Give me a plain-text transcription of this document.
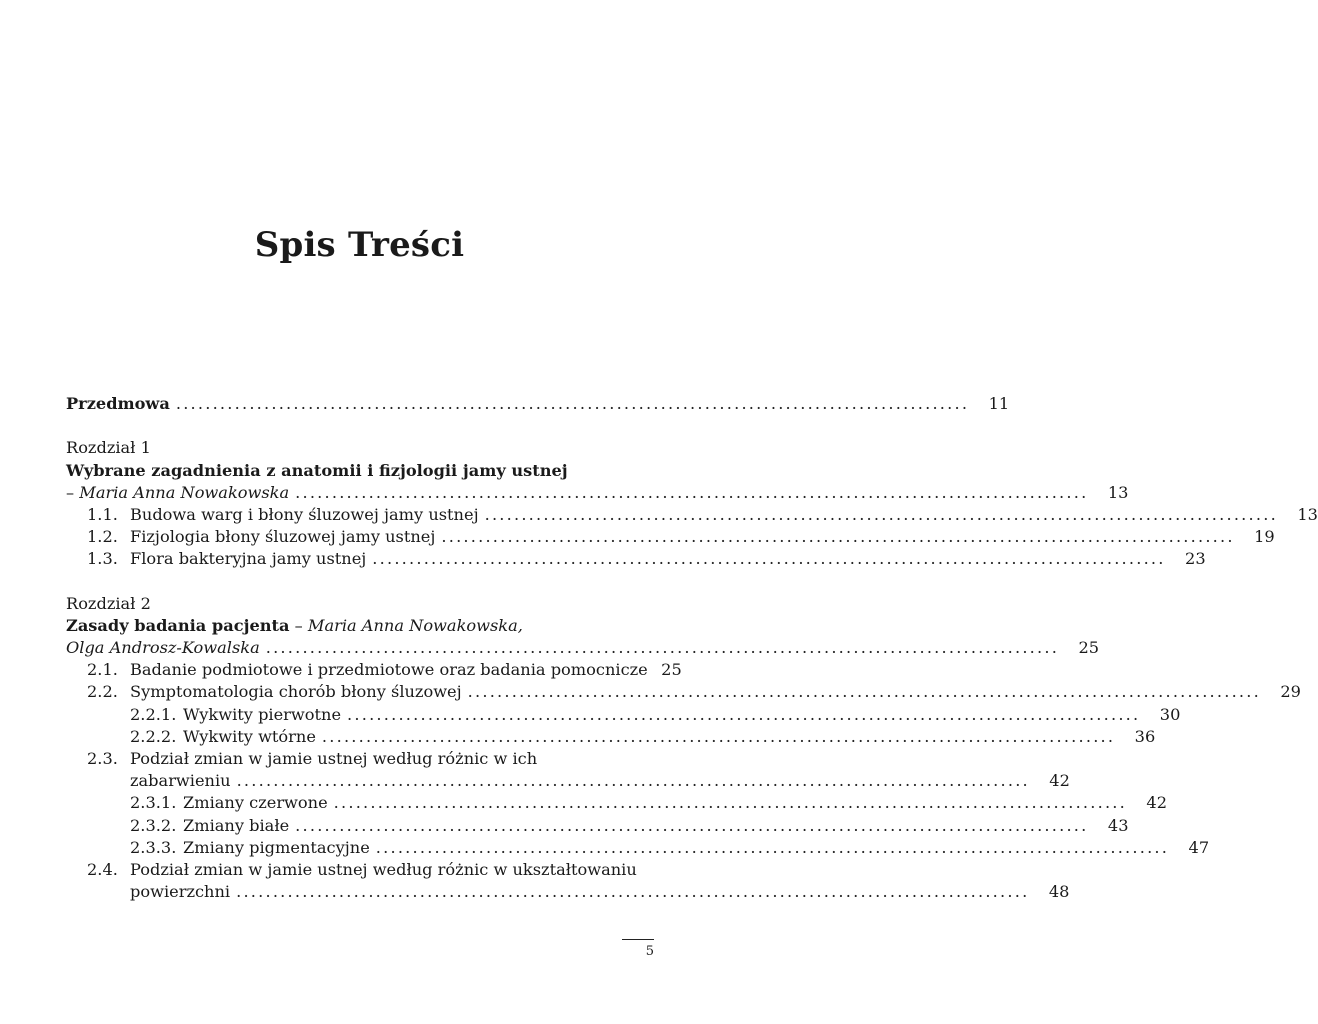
Spis Treści
Przedmowa ............................................................................................................	11
Rozdział 1
Wybrane zagadnienia z anatomii i fizjologii jamy ustnej
– Maria Anna Nowakowska ............................................................................................................	13
1.1. Budowa warg i błony śluzowej jamy ustnej ............................................................................................................	13
1.2. Fizjologia błony śluzowej jamy ustnej ............................................................................................................	19
1.3. Flora bakteryjna jamy ustnej ............................................................................................................	23
Rozdział 2
Zasady badania pacjenta – Maria Anna Nowakowska,
Olga Androsz-Kowalska ............................................................................................................	25
2.1. Badanie podmiotowe i przedmiotowe oraz badania pomocnicze 25
2.2. Symptomatologia chorób błony śluzowej ............................................................................................................	29
2.2.1. Wykwity pierwotne ............................................................................................................	30
2.2.2. Wykwity wtórne ............................................................................................................	36
2.3. Podział zmian w jamie ustnej według różnic w ich
zabarwieniu ............................................................................................................	42
2.3.1. Zmiany czerwone ............................................................................................................	42
2.3.2. Zmiany białe ............................................................................................................	43
2.3.3. Zmiany pigmentacyjne ............................................................................................................	47
2.4. Podział zmian w jamie ustnej według różnic w ukształtowaniu
powierzchni ............................................................................................................	48
5
